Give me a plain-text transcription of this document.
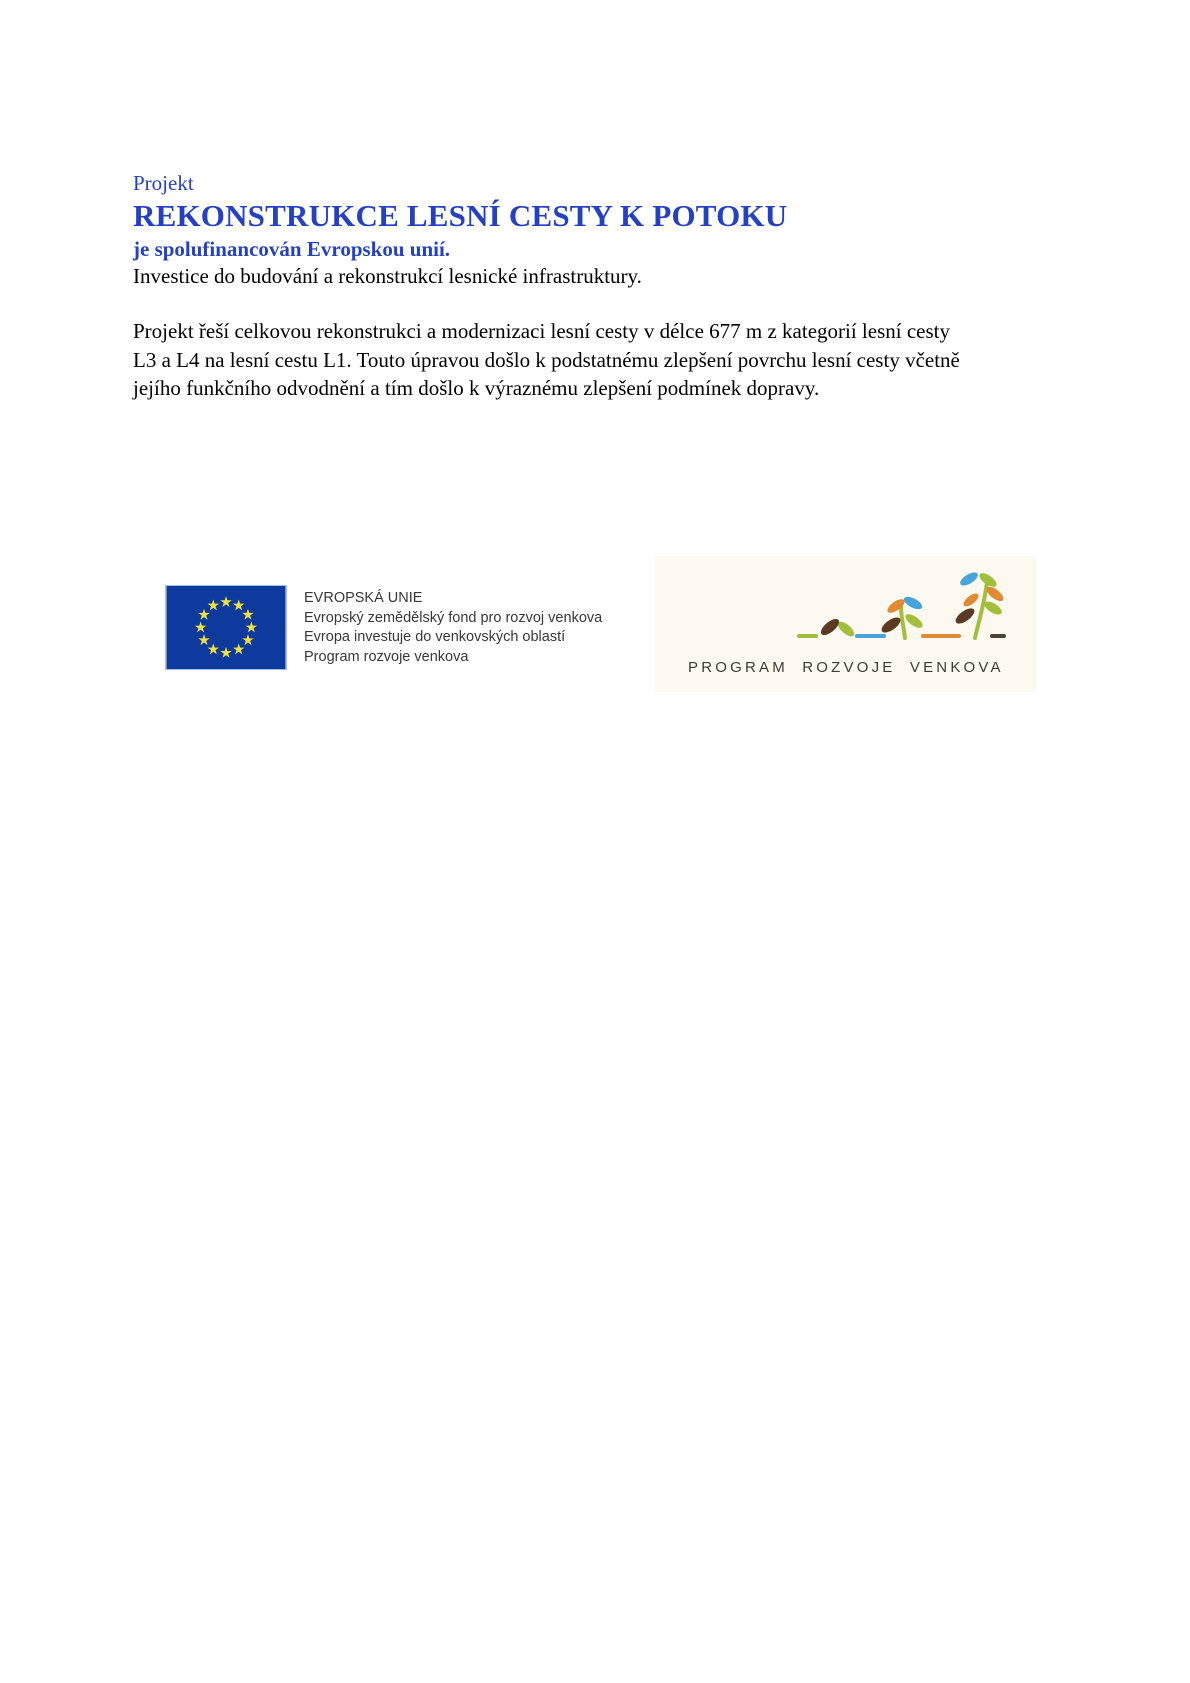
Projekt
REKONSTRUKCE LESNÍ CESTY K POTOKU
je spolufinancován Evropskou unií.
Investice do budování a rekonstrukcí lesnické infrastruktury.

Projekt řeší celkovou rekonstrukci a modernizaci lesní cesty v délce 677 m z kategorií lesní cesty L3 a L4 na lesní cestu L1. Touto úpravou došlo k podstatnému zlepšení povrchu lesní cesty včetně jejího funkčního odvodnění a tím došlo k výraznému zlepšení podmínek dopravy.

EVROPSKÁ UNIE
Evropský zemědělský fond pro rozvoj venkova
Evropa investuje do venkovských oblastí
Program rozvoje venkova
PROGRAM ROZVOJE VENKOVA
